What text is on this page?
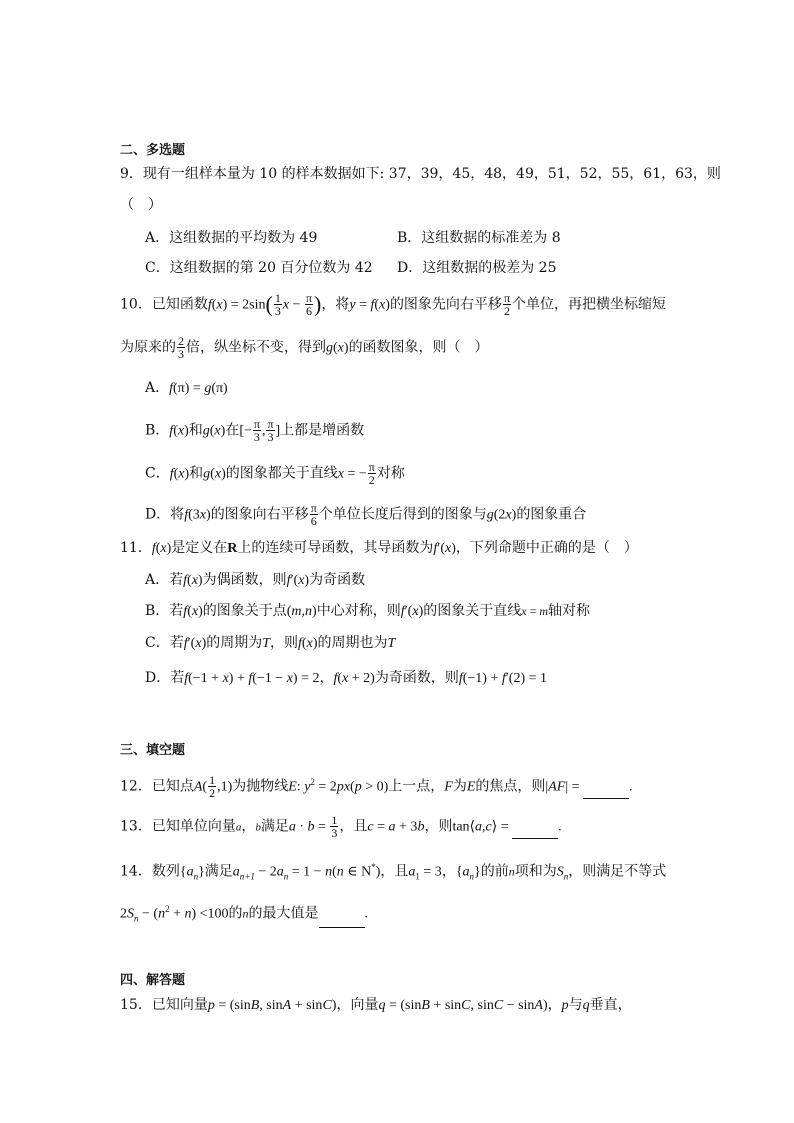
二、多选题
9．现有一组样本量为 10 的样本数据如下: 37，39，45，48，49，51，52，55，61，63，则
（　）
A．这组数据的平均数为 49	B．这组数据的标准差为 8
C．这组数据的第 20 百分位数为 42 D．这组数据的极差为 25
10．已知函数$f(x) = 2\sin( \frac{1}{3}$ $x - \frac{\pi}{6}$ )，将y = f(x)的图象先向右平移 $\frac{\pi}{2}$ 个单位，再把横坐标缩短
为原来的 $\frac{2}{3}$ 倍，纵坐标不变，得到g(x)的函数图象，则（　）
A．f(π) = g(π)
B．f(x)和g(x)在[− $\frac{\pi}{3}$ , $\frac{\pi}{3}$ ]上都是增函数
C．f(x)和g(x)的图象都关于直线x = − $\frac{\pi}{2}$ 对称
D．将f(3x)的图象向右平移 $\frac{\pi}{6}$ 个单位长度后得到的图象与g(2x)的图象重合
11．f(x)是定义在R上的连续可导函数，其导函数为f′(x)，下列命题中正确的是（　）
A．若f(x)为偶函数，则f′(x)为奇函数
B．若f(x)的图象关于点(m,n)中心对称，则f′(x)的图象关于直线x = m轴对称
C．若f′(x)的周期为T，则f(x)的周期也为T
D．若f(−1 + x) + f(−1 − x) = 2，f(x + 2)为奇函数，则f(−1) + f′(2) = 1
三、填空题
12．已知点$A( \frac{1}{2} ,1)$为抛物线E: $y^2 = 2px(p > 0)$上一点，F为E的焦点，则|AF| =	.
13．已知单位向量a，b满足$a \cdot b = \frac{1}{3}$ ，且c = a + 3b，则tan⟨a,c⟩ =	.
14．数列$\{a_n\}$满足$a_{n+1} - 2a_n = 1 - n(n$ ∈ N*)，且$a_1 = 3$，$\{a_n\}$的前n项和为$S_n$，则满足不等式
$2S_n - (n^2 + n) <100$的n的最大值是	.
四、解答题
15．已知向量p = (sinB, sinA + sinC)，向量q = (sinB + sinC, sinC − sinA)，p与q垂直，
